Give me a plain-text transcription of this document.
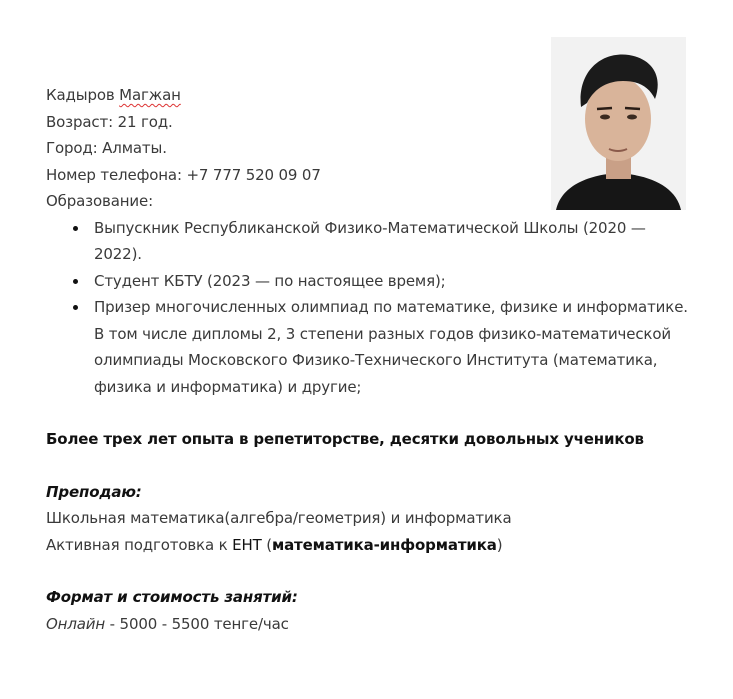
Кадыров Магжан

Возраст: 21 год.

Город: Алматы.

Номер телефона: +7 777 520 09 07

Образование:

Выпускник Республиканской Физико-Математической Школы (2020 — 2022).
Студент КБТУ (2023 — по настоящее время);
Призер многочисленных олимпиад по математике, физике и информатике. В том числе дипломы 2, 3 степени разных годов физико-математической олимпиады Московского Физико-Технического Института (математика, физика и информатика) и другие;

Более трех лет опыта в репетиторстве, десятки довольных учеников

Преподаю:

Школьная математика(алгебра/геометрия) и информатика

Активная подготовка к ЕНТ (математика-информатика)

Формат и стоимость занятий:

Онлайн - 5000 - 5500 тенге/час
